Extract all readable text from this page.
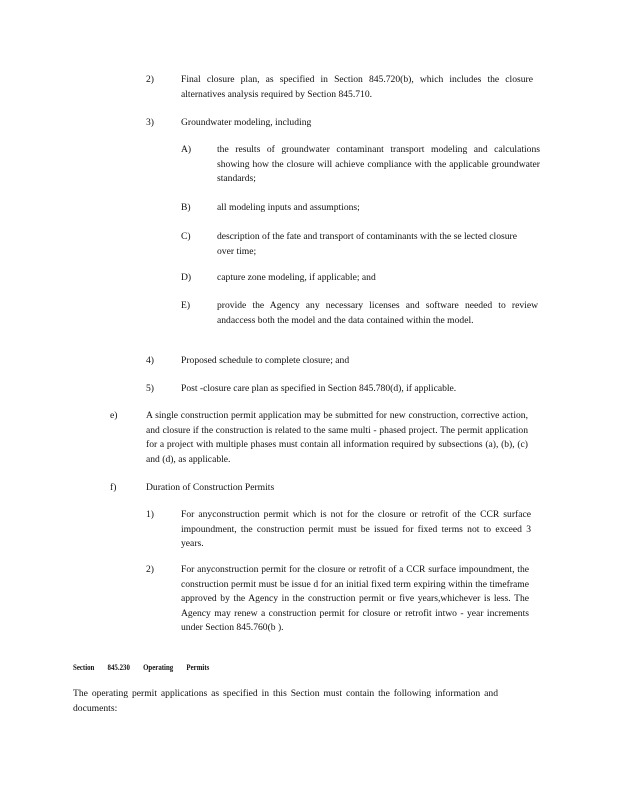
2)	Final closure plan, as specified in Section 845.720(b), which includes the closure alternatives analysis required by Section 845.710.
3)	Groundwater modeling, including
A)	the results of groundwater contaminant transport modeling and calculations showing how the closure will achieve compliance with the applicable groundwater standards;
B)	all modeling inputs and assumptions;
C)	description of the fate and transport of contaminants with the se lected closure over time;
D)	capture zone modeling, if applicable; and
E)	provide the Agency any necessary licenses and software needed to review andaccess both the model and the data contained within the model.
4)	Proposed schedule to complete closure; and
5)	Post -closure care plan as specified in Section 845.780(d), if applicable.
e)	A single construction permit application may be submitted for new construction, corrective action, and closure if the construction is related to the same multi - phased project. The permit application for a project with multiple phases must contain all information required by subsections (a), (b), (c) and (d), as applicable.
f)	Duration of Construction Permits
1)	For anyconstruction permit which is not for the closure or retrofit of the CCR surface impoundment, the construction permit must be issued for fixed terms not to exceed 3 years.
2)	For anyconstruction permit for the closure or retrofit of a CCR surface impoundment, the construction permit must be issue d for an initial fixed term expiring within the timeframe approved by the Agency in the construction permit or five years,whichever is less. The Agency may renew a construction permit for closure or retrofit intwo - year increments under Section 845.760(b ).
Section 845.230 Operating Permits
The operating permit applications as specified in this Section must contain the following information and documents:
